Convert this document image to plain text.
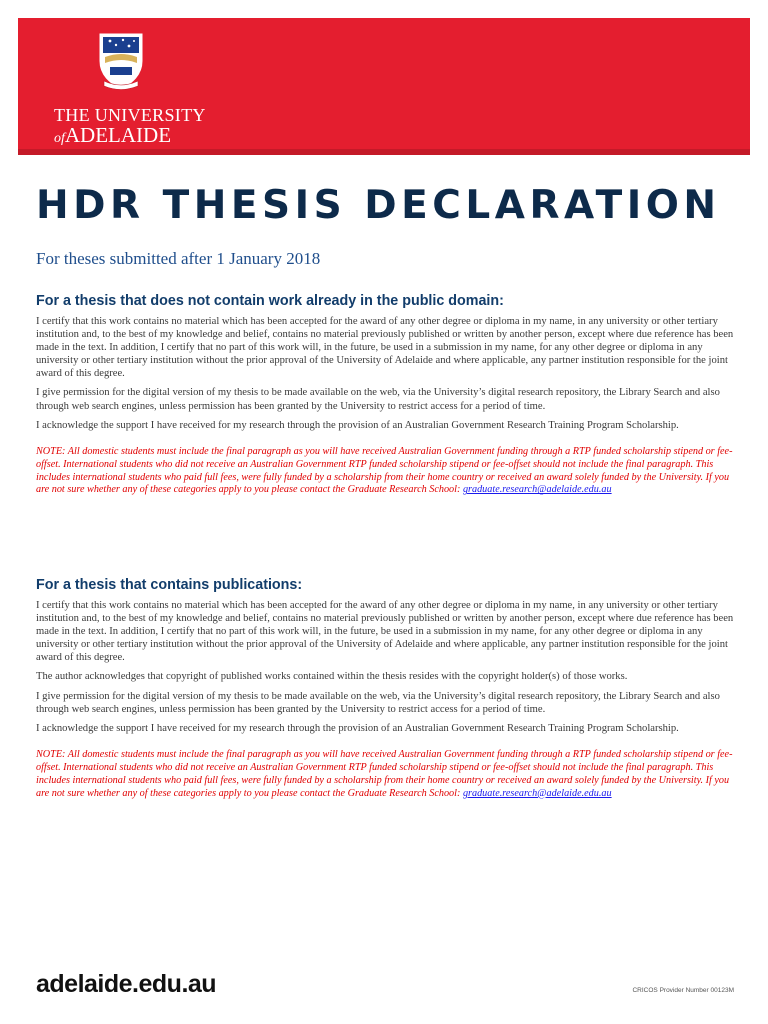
THE UNIVERSITY
ofADELAIDE
HDR THESIS DECLARATION

For theses submitted after 1 January 2018

For a thesis that does not contain work already in the public domain:

I certify that this work contains no material which has been accepted for the award of any other degree or diploma in my name, in any university or other tertiary institution and, to the best of my knowledge and belief, contains no material previously published or written by another person, except where due reference has been made in the text. In addition, I certify that no part of this work will, in the future, be used in a submission in my name, for any other degree or diploma in any university or other tertiary institution without the prior approval of the University of Adelaide and where applicable, any partner institution responsible for the joint award of this degree.

I give permission for the digital version of my thesis to be made available on the web, via the University’s digital research repository, the Library Search and also through web search engines, unless permission has been granted by the University to restrict access for a period of time.

I acknowledge the support I have received for my research through the provision of an Australian Government Research Training Program Scholarship.

NOTE: All domestic students must include the final paragraph as you will have received Australian Government funding through a RTP funded scholarship stipend or fee-offset. International students who did not receive an Australian Government RTP funded scholarship stipend or fee-offset should not include the final paragraph. This includes international students who paid full fees, were fully funded by a scholarship from their home country or received an award solely funded by the University. If you are not sure whether any of these categories apply to you please contact the Graduate Research School: graduate.research@adelaide.edu.au

For a thesis that contains publications:

I certify that this work contains no material which has been accepted for the award of any other degree or diploma in my name, in any university or other tertiary institution and, to the best of my knowledge and belief, contains no material previously published or written by another person, except where due reference has been made in the text. In addition, I certify that no part of this work will, in the future, be used in a submission in my name, for any other degree or diploma in any university or other tertiary institution without the prior approval of the University of Adelaide and where applicable, any partner institution responsible for the joint award of this degree.

The author acknowledges that copyright of published works contained within the thesis resides with the copyright holder(s) of those works.

I give permission for the digital version of my thesis to be made available on the web, via the University’s digital research repository, the Library Search and also through web search engines, unless permission has been granted by the University to restrict access for a period of time.

I acknowledge the support I have received for my research through the provision of an Australian Government Research Training Program Scholarship.

NOTE: All domestic students must include the final paragraph as you will have received Australian Government funding through a RTP funded scholarship stipend or fee-offset. International students who did not receive an Australian Government RTP funded scholarship stipend or fee-offset should not include the final paragraph. This includes international students who paid full fees, were fully funded by a scholarship from their home country or received an award solely funded by the University. If you are not sure whether any of these categories apply to you please contact the Graduate Research School: graduate.research@adelaide.edu.au

adelaide.edu.au	CRICOS Provider Number 00123M
